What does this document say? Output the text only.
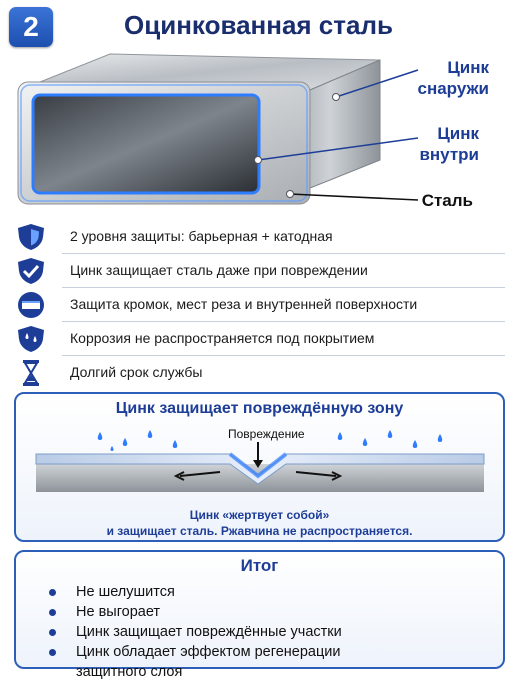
2	Оцинкованная сталь
Цинк
снаружи
Цинк
внутри
Сталь
2 уровня защиты: барьерная + катодная
Цинк защищает сталь даже при повреждении
Защита кромок, мест реза и внутренней поверхности
Коррозия не распространяется под покрытием
Долгий срок службы
Цинк защищает повреждённую зону
Повреждение
Цинк «жертвует собой»
и защищает сталь. Ржавчина не распространяется.
Итог
Не шелушится
Не выгорает
Цинк защищает повреждённые участки
Цинк обладает эффектом регенерации
защитного слоя
